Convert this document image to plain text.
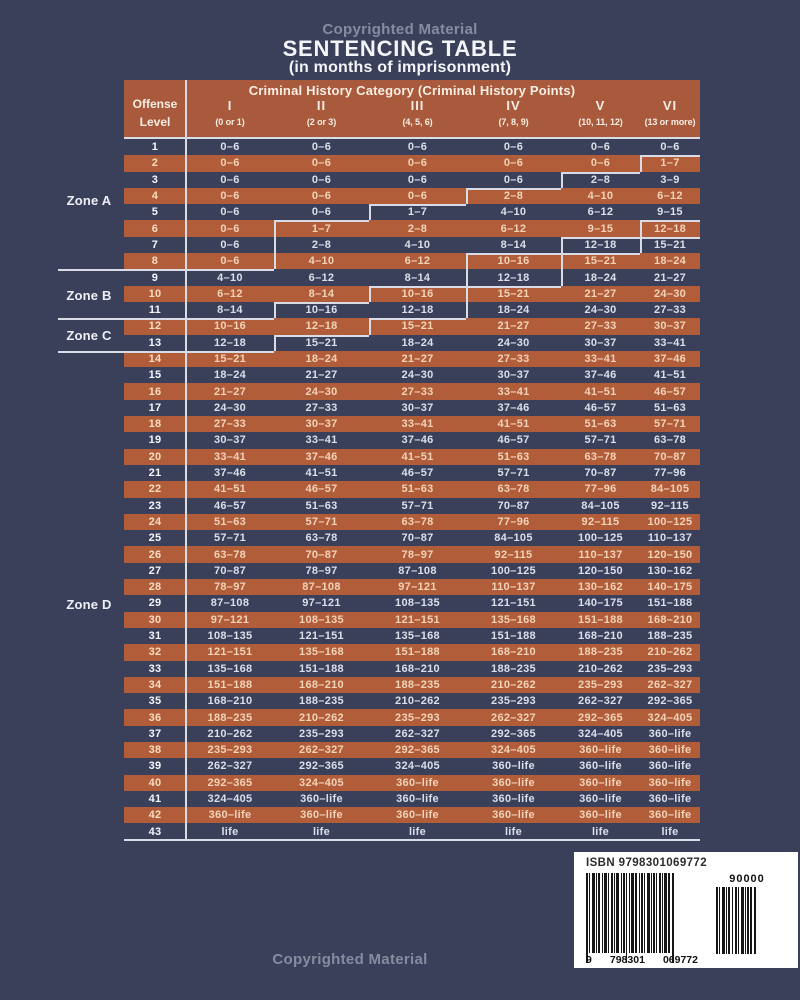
Copyrighted Material
SENTENCING TABLE
(in months of imprisonment)
Criminal History Category (Criminal History Points)
Offense
Level
I
(0 or 1)
II
(2 or 3)
III
(4, 5, 6)
IV
(7, 8, 9)
V
(10, 11, 12)
VI
(13 or more)
1	0–6	0–6	0–6	0–6	0–6	0–6
2	0–6	0–6	0–6	0–6	0–6	1–7
3	0–6	0–6	0–6	0–6	2–8	3–9
4	0–6	0–6	0–6	2–8	4–10	6–12
5	0–6	0–6	1–7	4–10	6–12	9–15
6	0–6	1–7	2–8	6–12	9–15	12–18
7	0–6	2–8	4–10	8–14	12–18	15–21
8	0–6	4–10	6–12	10–16	15–21	18–24
9	4–10	6–12	8–14	12–18	18–24	21–27
10	6–12	8–14	10–16	15–21	21–27	24–30
11	8–14	10–16	12–18	18–24	24–30	27–33
12	10–16	12–18	15–21	21–27	27–33	30–37
13	12–18	15–21	18–24	24–30	30–37	33–41
14	15–21	18–24	21–27	27–33	33–41	37–46
15	18–24	21–27	24–30	30–37	37–46	41–51
16	21–27	24–30	27–33	33–41	41–51	46–57
17	24–30	27–33	30–37	37–46	46–57	51–63
18	27–33	30–37	33–41	41–51	51–63	57–71
19	30–37	33–41	37–46	46–57	57–71	63–78
20	33–41	37–46	41–51	51–63	63–78	70–87
21	37–46	41–51	46–57	57–71	70–87	77–96
22	41–51	46–57	51–63	63–78	77–96	84–105
23	46–57	51–63	57–71	70–87	84–105	92–115
24	51–63	57–71	63–78	77–96	92–115	100–125
25	57–71	63–78	70–87	84–105	100–125	110–137
26	63–78	70–87	78–97	92–115	110–137	120–150
27	70–87	78–97	87–108	100–125	120–150	130–162
28	78–97	87–108	97–121	110–137	130–162	140–175
29	87–108	97–121	108–135	121–151	140–175	151–188
30	97–121	108–135	121–151	135–168	151–188	168–210
31	108–135	121–151	135–168	151–188	168–210	188–235
32	121–151	135–168	151–188	168–210	188–235	210–262
33	135–168	151–188	168–210	188–235	210–262	235–293
34	151–188	168–210	188–235	210–262	235–293	262–327
35	168–210	188–235	210–262	235–293	262–327	292–365
36	188–235	210–262	235–293	262–327	292–365	324–405
37	210–262	235–293	262–327	292–365	324–405	360–life
38	235–293	262–327	292–365	324–405	360–life	360–life
39	262–327	292–365	324–405	360–life	360–life	360–life
40	292–365	324–405	360–life	360–life	360–life	360–life
41	324–405	360–life	360–life	360–life	360–life	360–life
42	360–life	360–life	360–life	360–life	360–life	360–life
43	life	life	life	life	life	life
Zone A
Zone B
Zone C
Zone D
ISBN 9798301069772
9 798301 069772
90000
Copyrighted Material
